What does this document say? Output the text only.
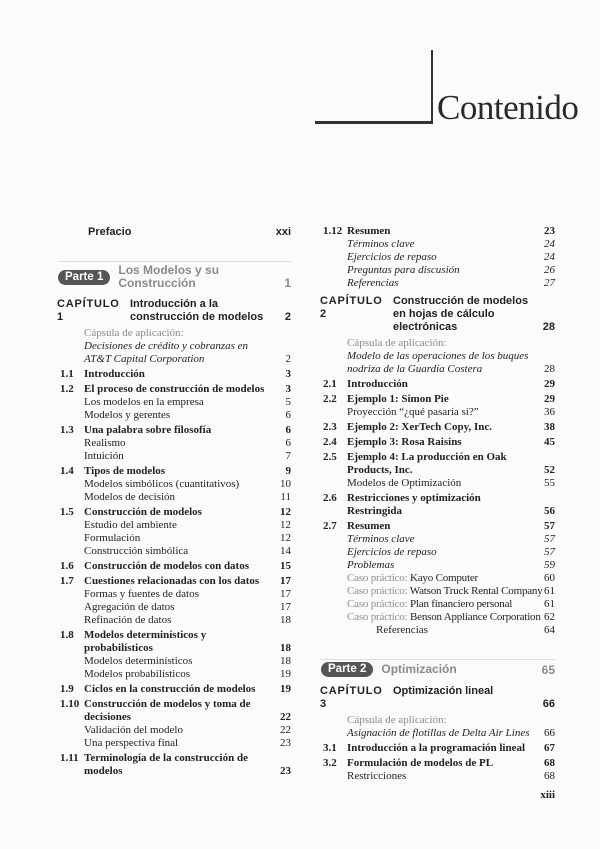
Contenido
Prefacio	xxi
Parte 1	Los Modelos y su Construcción	1
CAPÍTULO 1
Introducción a la construcción de modelos	2
Cápsula de aplicación:
Decisiones de crédito y cobranzas en AT&T Capital Corporation	2
1.1 Introducción	3
1.2 El proceso de construcción de modelos	3
Los modelos en la empresa	5
Modelos y gerentes	6
1.3 Una palabra sobre filosofía	6
Realismo	6
Intuición	7
1.4 Tipos de modelos	9
Modelos simbólicos (cuantitativos)	10
Modelos de decisión	11
1.5 Construcción de modelos	12
Estudio del ambiente	12
Formulación	12
Construcción simbólica	14
1.6 Construcción de modelos con datos	15
1.7 Cuestiones relacionadas con los datos	17
Formas y fuentes de datos	17
Agregación de datos	17
Refinación de datos	18
1.8 Modelos determinísticos y probabilísticos	18
Modelos determinísticos	18
Modelos probabilísticos	19
1.9 Ciclos en la construcción de modelos	19
1.10 Construcción de modelos y toma de decisiones	22
Validación del modelo	22
Una perspectiva final	23
1.11 Terminología de la construcción de modelos	23
1.12 Resumen	23
Términos clave	24
Ejercicios de repaso	24
Preguntas para discusión	26
Referencias	27
CAPÍTULO 2
Construcción de modelos en hojas de cálculo electrónicas	28
Cápsula de aplicación:
Modelo de las operaciones de los buques nodriza de la Guardia Costera	28
2.1 Introducción	29
2.2 Ejemplo 1: Simon Pie	29
Proyección “¿qué pasaría si?”	36
2.3 Ejemplo 2: XerTech Copy, Inc.	38
2.4 Ejemplo 3: Rosa Raisins	45
2.5 Ejemplo 4: La producción en Oak Products, Inc.	52
Modelos de Optimización	55
2.6 Restricciones y optimización Restringida	56
2.7 Resumen	57
Términos clave	57
Ejercicios de repaso	57
Problemas	59
Caso práctico: Kayo Computer	60
Caso práctico: Watson Truck Rental Company 61
Caso práctico: Plan financiero personal	61
Caso práctico: Benson Appliance Corporation 62
Referencias	64
Parte 2	Optimización	65
CAPÍTULO 3
Optimización lineal
66
Cápsula de aplicación:
Asignación de flotillas de Delta Air Lines	66
3.1 Introducción a la programación lineal	67
3.2 Formulación de modelos de PL	68
Restricciones	68
xiii
